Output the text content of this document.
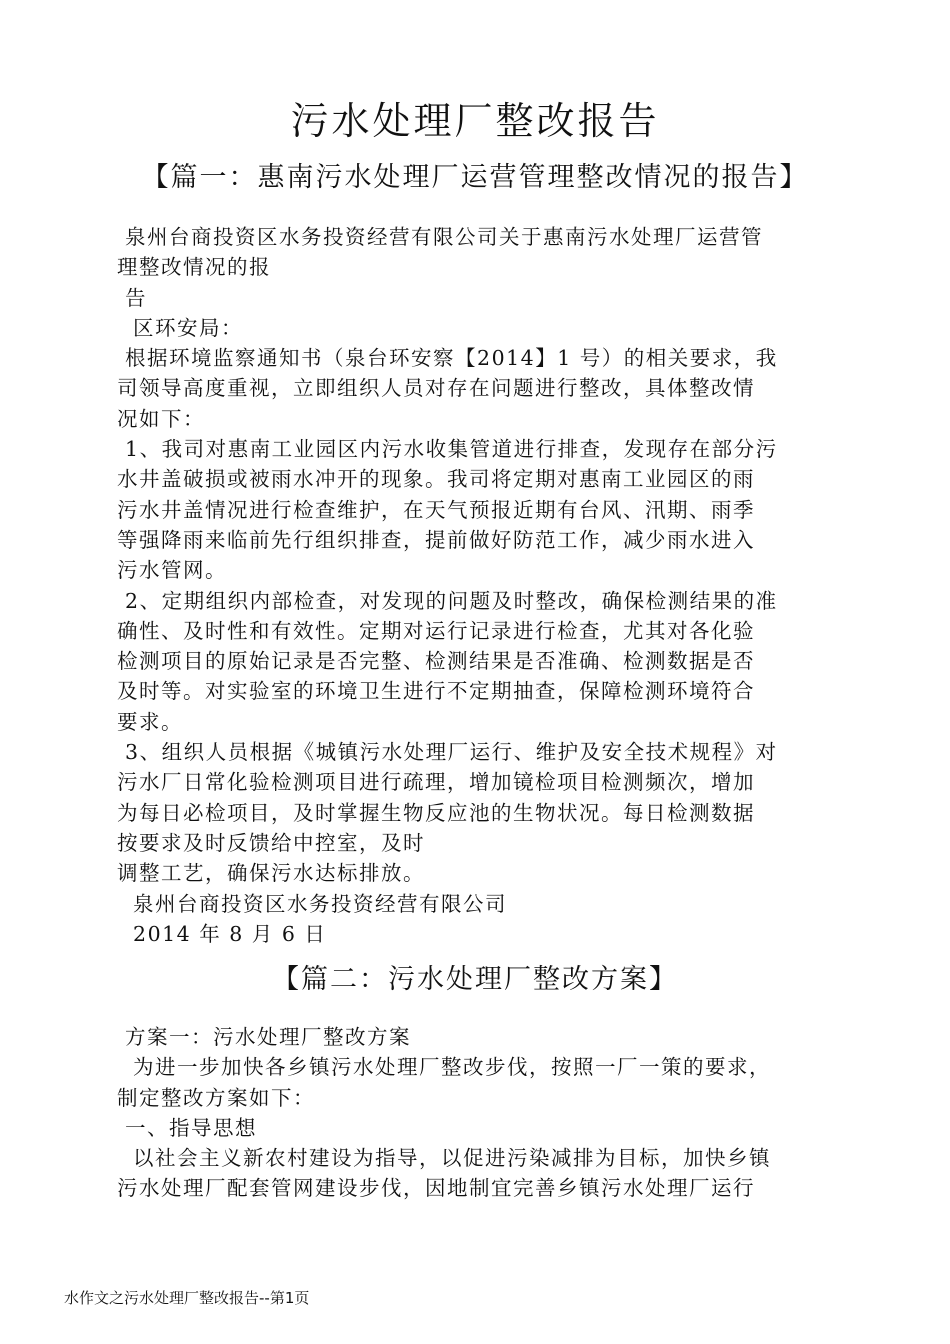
污水处理厂整改报告
【篇一：惠南污水处理厂运营管理整改情况的报告】

泉州台商投资区水务投资经营有限公司关于惠南污水处理厂运营管

理整改情况的报

告

区环安局：

根据环境监察通知书（泉台环安察【2014】1 号）的相关要求，我

司领导高度重视，立即组织人员对存在问题进行整改，具体整改情

况如下：

1、我司对惠南工业园区内污水收集管道进行排查，发现存在部分污

水井盖破损或被雨水冲开的现象。我司将定期对惠南工业园区的雨

污水井盖情况进行检查维护，在天气预报近期有台风、汛期、雨季

等强降雨来临前先行组织排查，提前做好防范工作，减少雨水进入

污水管网。

2、定期组织内部检查，对发现的问题及时整改，确保检测结果的准

确性、及时性和有效性。定期对运行记录进行检查，尤其对各化验

检测项目的原始记录是否完整、检测结果是否准确、检测数据是否

及时等。对实验室的环境卫生进行不定期抽查，保障检测环境符合

要求。

3、组织人员根据《城镇污水处理厂运行、维护及安全技术规程》对

污水厂日常化验检测项目进行疏理，增加镜检项目检测频次，增加

为每日必检项目，及时掌握生物反应池的生物状况。每日检测数据

按要求及时反馈给中控室，及时

调整工艺，确保污水达标排放。

泉州台商投资区水务投资经营有限公司

2014 年 8 月 6 日

【篇二：污水处理厂整改方案】

方案一：污水处理厂整改方案

为进一步加快各乡镇污水处理厂整改步伐，按照一厂一策的要求，

制定整改方案如下：

一、指导思想

以社会主义新农村建设为指导，以促进污染减排为目标，加快乡镇

污水处理厂配套管网建设步伐，因地制宜完善乡镇污水处理厂运行

水作文之污水处理厂整改报告--第1页
